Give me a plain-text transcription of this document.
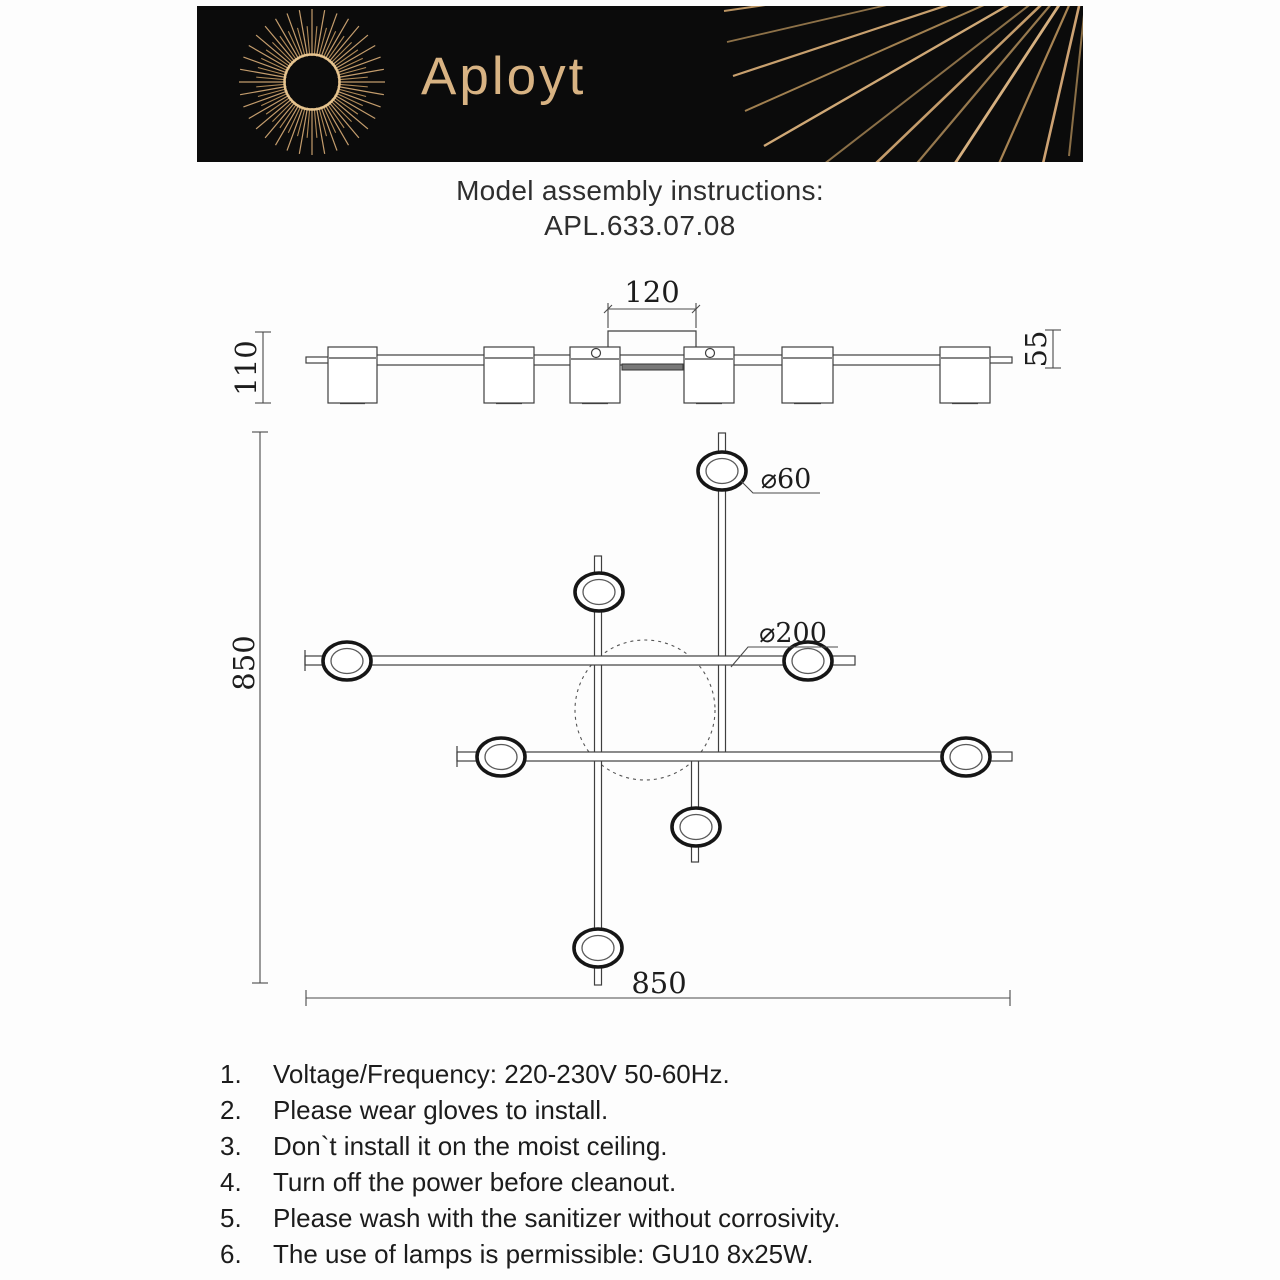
Aployt
Model assembly instructions:
APL.633.07.08
120
110	55
⌀60
⌀200
850
850
1.	Voltage/Frequency: 220-230V 50-60Hz.
2.	Please wear gloves to install.
3.	Don`t install it on the moist ceiling.
4.	Turn off the power before cleanout.
5.	Please wash with the sanitizer without corrosivity.
6.	The use of lamps is permissible: GU10 8x25W.
